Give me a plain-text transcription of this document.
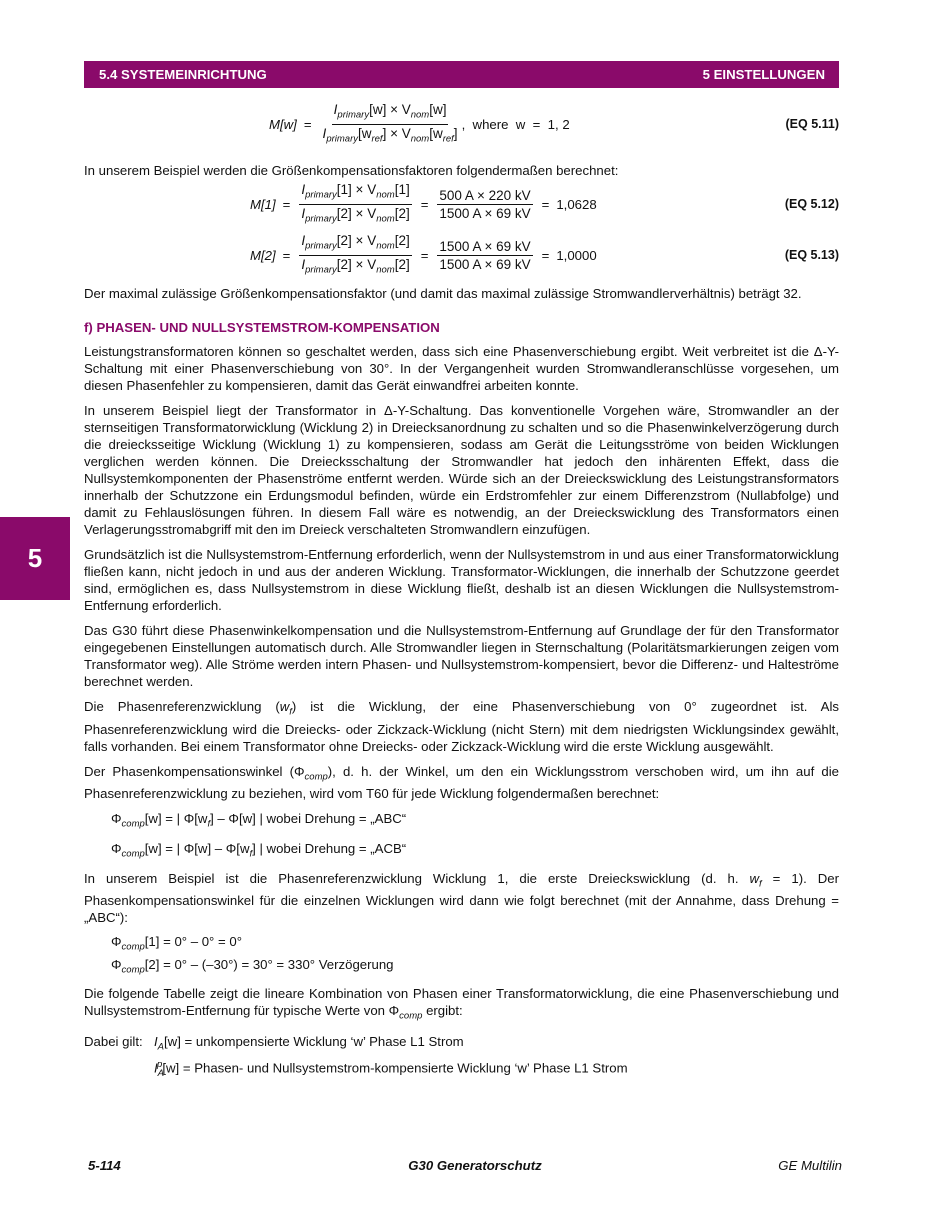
5.4 SYSTEMEINRICHTUNG	5 EINSTELLUNGEN
5
$M[w] = \frac{I_{primary}[w] \times V_{nom}[w]}{I_{primary}[w_{ref}] \times V_{nom}[w_{ref}]}$ ,  where  w  =  1, 2	(EQ 5.11)

In unserem Beispiel werden die Größenkompensationsfaktoren folgendermaßen berechnet:

$M[1] = \frac{I_{primary}[1] \times V_{nom}[1]}{I_{primary}[2] \times V_{nom}[2]} = \frac{500 A \times 220 kV}{1500 A \times 69 kV} = 1,0628$	(EQ 5.12)
$M[2] = \frac{I_{primary}[2] \times V_{nom}[2]}{I_{primary}[2] \times V_{nom}[2]} = \frac{1500 A \times 69 kV}{1500 A \times 69 kV} = 1,0000$	(EQ 5.13)

Der maximal zulässige Größenkompensationsfaktor (und damit das maximal zulässige Stromwandlerverhältnis) beträgt 32.

f) PHASEN- UND NULLSYSTEMSTROM-KOMPENSATION

Leistungstransformatoren können so geschaltet werden, dass sich eine Phasenverschiebung ergibt. Weit verbreitet ist die Δ-Y-Schaltung mit einer Phasenverschiebung von 30°. In der Vergangenheit wurden Stromwandleranschlüsse vorgesehen, um diesen Phasenfehler zu kompensieren, damit das Gerät einwandfrei arbeiten konnte.

In unserem Beispiel liegt der Transformator in Δ-Y-Schaltung. Das konventionelle Vorgehen wäre, Stromwandler an der sternseitigen Transformatorwicklung (Wicklung 2) in Dreiecksanordnung zu schalten und so die Phasenwinkelverzögerung durch die dreiecksseitige Wicklung (Wicklung 1) zu kompensieren, sodass am Gerät die Leitungsströme von beiden Wicklungen verglichen werden können. Die Dreiecksschaltung der Stromwandler hat jedoch den inhärenten Effekt, dass die Nullsystemkomponenten der Phasenströme entfernt werden. Würde sich an der Dreieckswicklung des Leistungstransformators innerhalb der Schutzzone ein Erdungsmodul befinden, würde ein Erdstromfehler zur einem Differenzstrom (Nullabfolge) und damit zu Fehlauslösungen führen. In diesem Fall wäre es notwendig, an der Dreieckswicklung des Transformators einen Verlagerungsstromabgriff mit den im Dreieck verschalteten Stromwandlern einzufügen.

Grundsätzlich ist die Nullsystemstrom-Entfernung erforderlich, wenn der Nullsystemstrom in und aus einer Transformatorwicklung fließen kann, nicht jedoch in und aus der anderen Wicklung. Transformator-Wicklungen, die innerhalb der Schutzzone geerdet sind, ermöglichen es, dass Nullsystemstrom in diese Wicklung fließt, deshalb ist an diesen Wicklungen die Nullsystemstrom-Entfernung erforderlich.

Das G30 führt diese Phasenwinkelkompensation und die Nullsystemstrom-Entfernung auf Grundlage der für den Transformator eingegebenen Einstellungen automatisch durch. Alle Stromwandler liegen in Sternschaltung (Polaritätsmarkierungen zeigen vom Transformator weg). Alle Ströme werden intern Phasen- und Nullsystemstrom-kompensiert, bevor die Differenz- und Halteströme berechnet werden.

Die Phasenreferenzwicklung $(w_f)$ ist die Wicklung, der eine Phasenverschiebung von 0° zugeordnet ist. Als Phasenreferenzwicklung wird die Dreiecks- oder Zickzack-Wicklung (nicht Stern) mit dem niedrigsten Wicklungsindex gewählt, falls vorhanden. Bei einem Transformator ohne Dreiecks- oder Zickzack-Wicklung wird die erste Wicklung ausgewählt.

Der Phasenkompensationswinkel $(\Phi_{comp})$, d. h. der Winkel, um den ein Wicklungsstrom verschoben wird, um ihn auf die Phasenreferenzwicklung zu beziehen, wird vom T60 für jede Wicklung folgendermaßen berechnet:

$\Phi_{comp}[w]$ = | $\Phi[w_f] - \Phi[w]$ | wobei Drehung = „ABC“

$\Phi_{comp}[w]$ = | $\Phi[w] - \Phi[w_f]$ | wobei Drehung = „ACB“

In unserem Beispiel ist die Phasenreferenzwicklung Wicklung 1, die erste Dreieckswicklung (d. h. $w_f = 1$). Der Phasenkompensationswinkel für die einzelnen Wicklungen wird dann wie folgt berechnet (mit der Annahme, dass Drehung = „ABC“):

$\Phi_{comp}[1] = 0^\circ - 0^\circ = 0^\circ$

$\Phi_{comp}[2] = 0^\circ - (-30^\circ) = 30^\circ = 330^\circ$ Verzögerung

Die folgende Tabelle zeigt die lineare Kombination von Phasen einer Transformatorwicklung, die eine Phasenverschiebung und Nullsystemstrom-Entfernung für typische Werte von $\Phi_{comp}$ ergibt:

Dabei gilt: $I_A[w]$ = unkompensierte Wicklung ‘w’ Phase L1 Strom
$I_A^p[w]$ = Phasen- und Nullsystemstrom-kompensierte Wicklung ‘w’ Phase L1 Strom
5-114	G30 Generatorschutz	GE Multilin
